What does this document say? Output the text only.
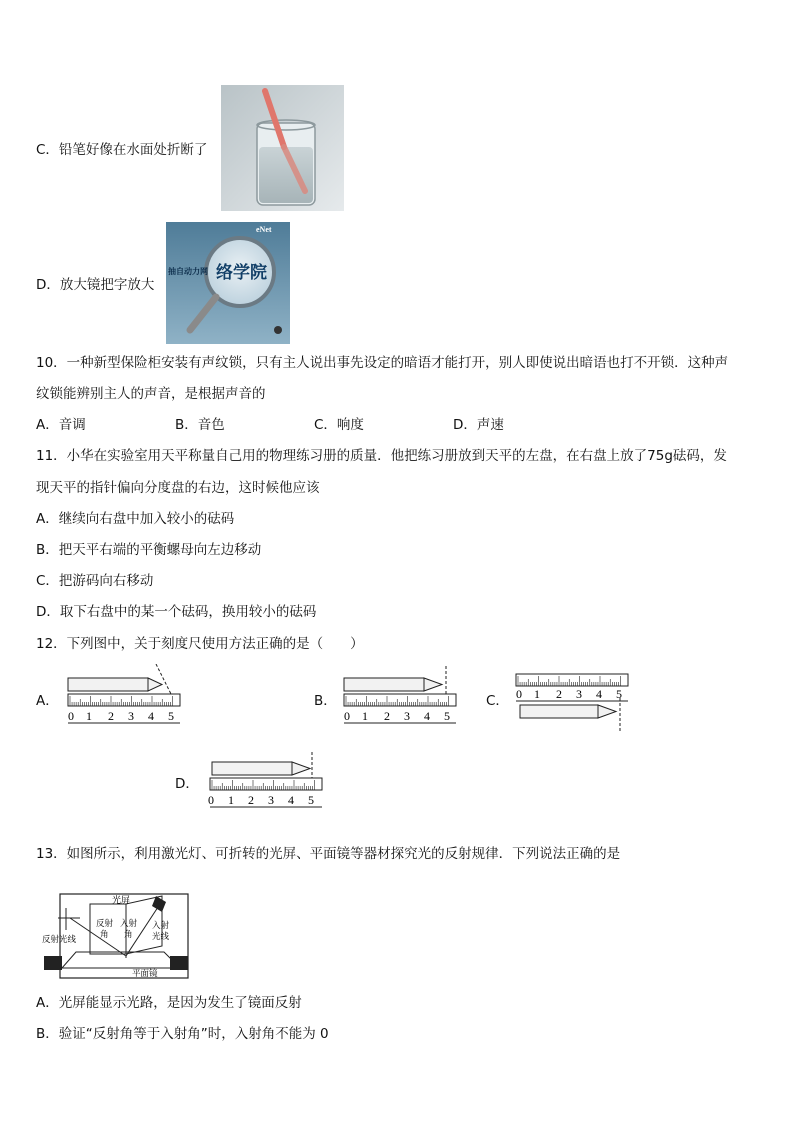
C．铅笔好像在水面处折断了
D．放大镜把字放大
eNet
抽自动力网 络学院
10．一种新型保险柜安装有声纹锁，只有主人说出事先设定的暗语才能打开，别人即使说出暗语也打不开锁．这种声
纹锁能辨别主人的声音，是根据声音的
A．音调	B．音色	C．响度	D．声速
11．小华在实验室用天平称量自己用的物理练习册的质量．他把练习册放到天平的左盘，在右盘上放了75g砝码，发
现天平的指针偏向分度盘的右边，这时候他应该
A．继续向右盘中加入较小的砝码
B．把天平右端的平衡螺母向左边移动
C．把游码向右移动
D．取下右盘中的某一个砝码，换用较小的砝码
12．下列图中，关于刻度尺使用方法正确的是（　　）
A．	B．	C．
D．
0 1 2 3 4 5	0 1 2 3 4 5
0 1 2 3 4 5
0 1 2 3 4 5
13．如图所示，利用激光灯、可折转的光屏、平面镜等器材探究光的反射规律．下列说法正确的是
光屏
反射光线
反射
角
入射
角
入射
光线
平面镜
A．光屏能显示光路，是因为发生了镜面反射
B．验证“反射角等于入射角”时，入射角不能为 0
